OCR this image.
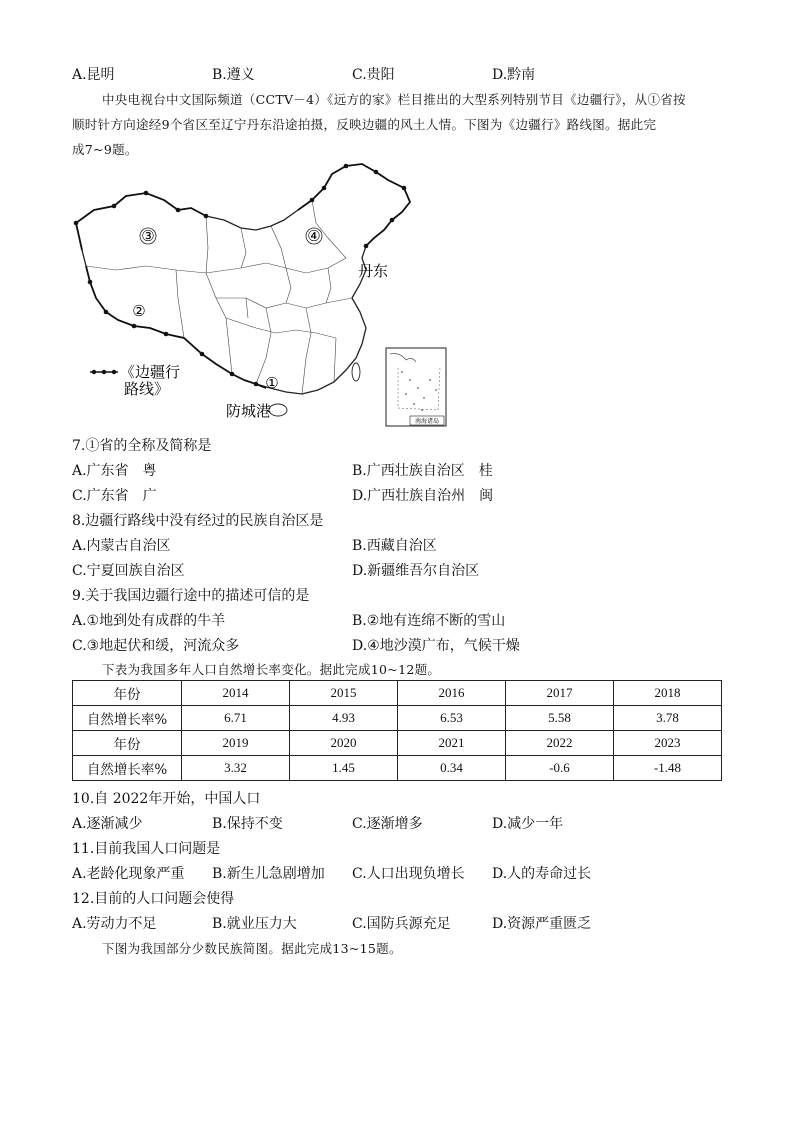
A.昆明	B.遵义	C.贵阳	D.黔南
中央电视台中文国际频道（CCTV－4）《远方的家》栏目推出的大型系列特别节目《边疆行》，从①省按
顺时针方向途经9个省区至辽宁丹东沿途拍摄，反映边疆的风土人情。下图为《边疆行》路线图。据此完
成7~9题。
③	④
②
①
丹东
防城港
《边疆行
路线》
南海诸岛
7.①省的全称及简称是
A.广东省　粤	B.广西壮族自治区　桂
C.广东省　广	D.广西壮族自治州　闽
8.边疆行路线中没有经过的民族自治区是
A.内蒙古自治区	B.西藏自治区
C.宁夏回族自治区	D.新疆维吾尔自治区
9.关于我国边疆行途中的描述可信的是
A.①地到处有成群的牛羊	B.②地有连绵不断的雪山
C.③地起伏和缓，河流众多	D.④地沙漠广布，气候干燥
下表为我国多年人口自然增长率变化。据此完成10~12题。
年份	2014	2015	2016	2017	2018
自然增长率%	6.71	4.93	6.53	5.58	3.78
年份	2019	2020	2021	2022	2023
自然增长率%	3.32	1.45	0.34	-0.6	-1.48
10.自 2022年开始，中国人口
A.逐渐减少	B.保持不变	C.逐渐增多	D.减少一年
11.目前我国人口问题是
A.老龄化现象严重 B.新生儿急剧增加 C.人口出现负增长 D.人的寿命过长
12.目前的人口问题会使得
A.劳动力不足	B.就业压力大	C.国防兵源充足	D.资源严重匮乏
下图为我国部分少数民族简图。据此完成13~15题。
